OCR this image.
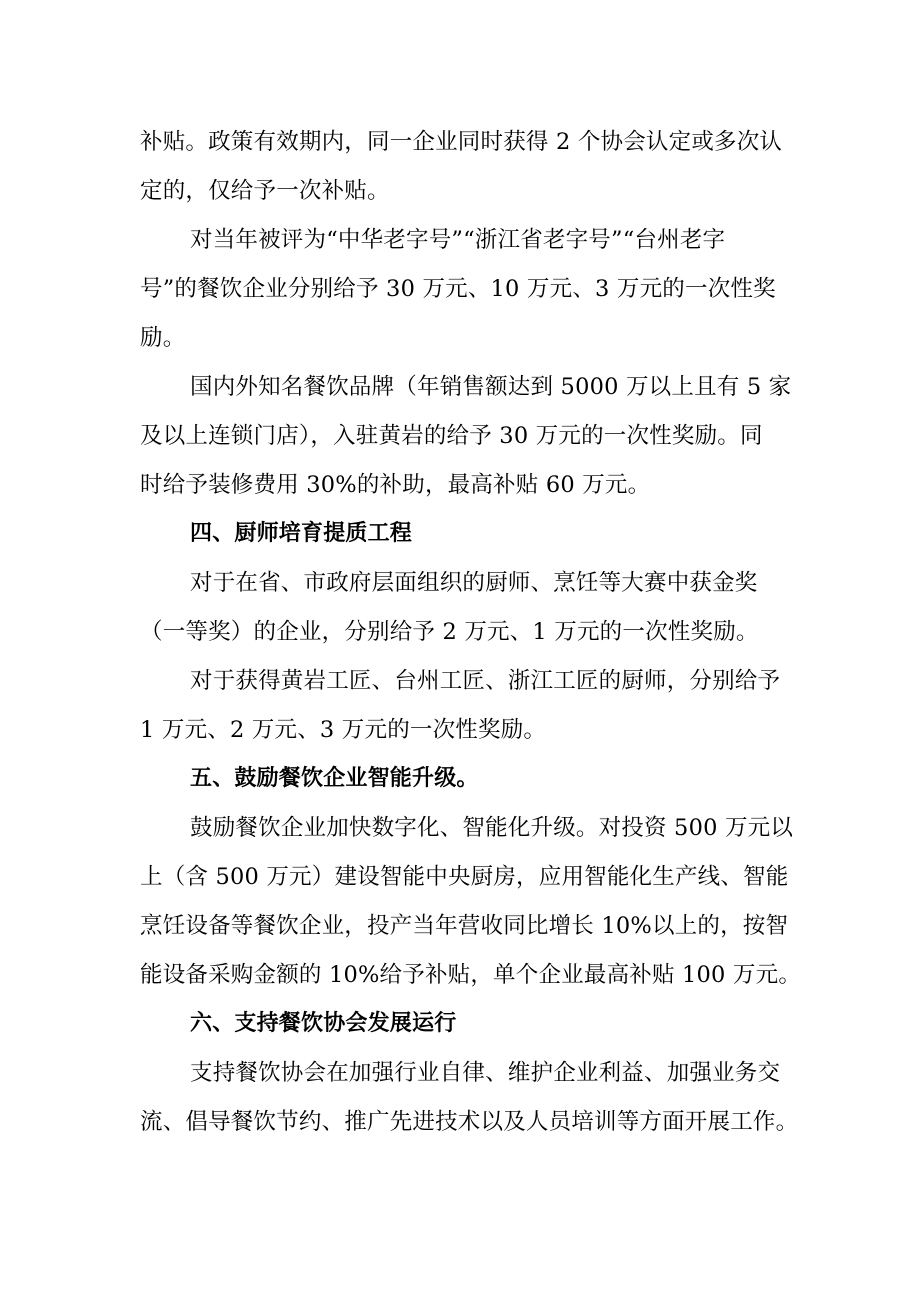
补贴。政策有效期内，同一企业同时获得 2 个协会认定或多次认
定的，仅给予一次补贴。
对当年被评为“中华老字号”“浙江省老字号”“台州老字
号”的餐饮企业分别给予 30 万元、10 万元、3 万元的一次性奖
励。
国内外知名餐饮品牌（年销售额达到 5000 万以上且有 5 家
及以上连锁门店），入驻黄岩的给予 30 万元的一次性奖励。同
时给予装修费用 30%的补助，最高补贴 60 万元。
四、厨师培育提质工程
对于在省、市政府层面组织的厨师、烹饪等大赛中获金奖
（一等奖）的企业，分别给予 2 万元、1 万元的一次性奖励。
对于获得黄岩工匠、台州工匠、浙江工匠的厨师，分别给予
1 万元、2 万元、3 万元的一次性奖励。
五、鼓励餐饮企业智能升级。
鼓励餐饮企业加快数字化、智能化升级。对投资 500 万元以
上（含 500 万元）建设智能中央厨房，应用智能化生产线、智能
烹饪设备等餐饮企业，投产当年营收同比增长 10%以上的，按智
能设备采购金额的 10%给予补贴，单个企业最高补贴 100 万元。
六、支持餐饮协会发展运行
支持餐饮协会在加强行业自律、维护企业利益、加强业务交
流、倡导餐饮节约、推广先进技术以及人员培训等方面开展工作。
